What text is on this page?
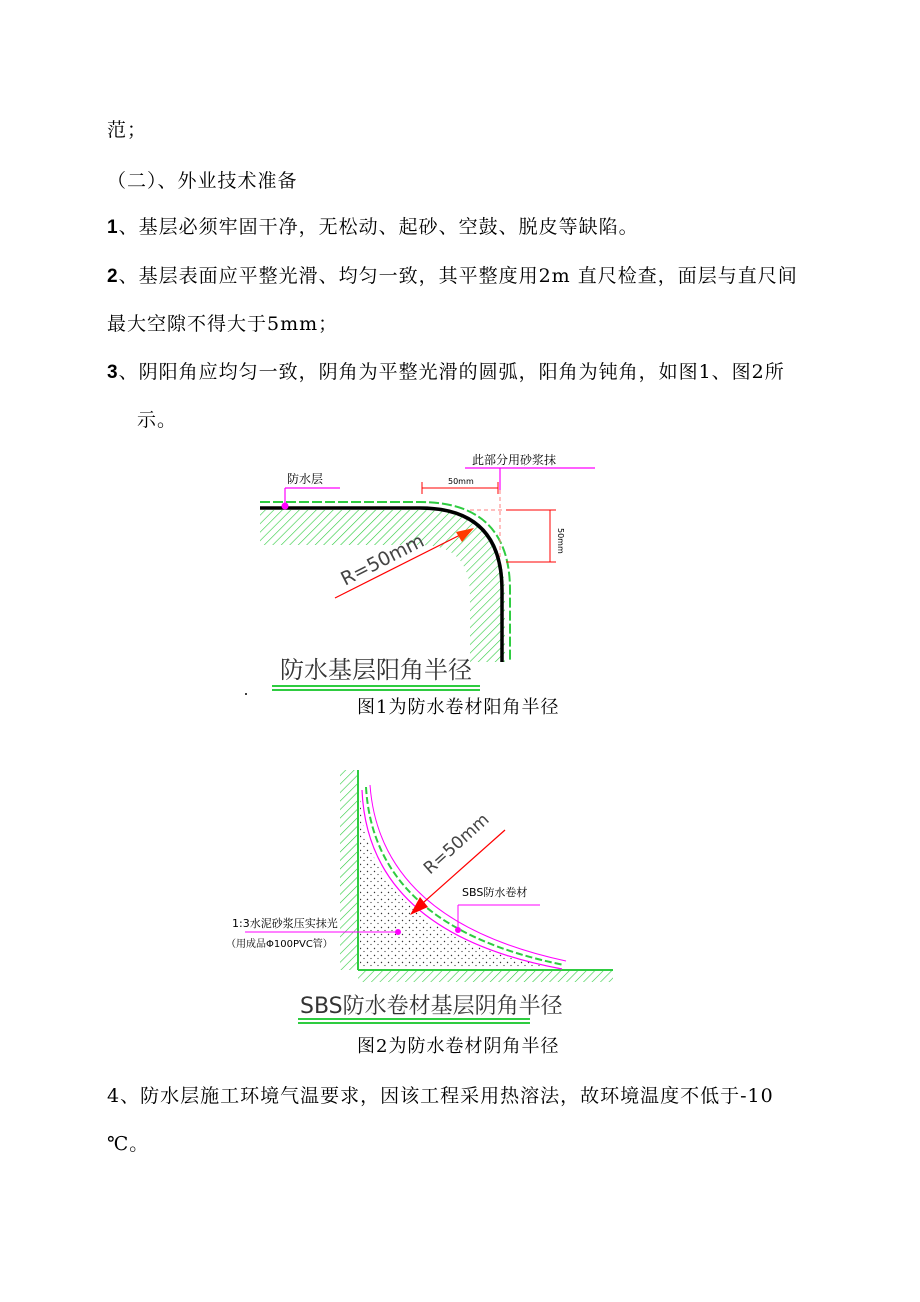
范；
（二）、外业技术准备
1、基层必须牢固干净，无松动、起砂、空鼓、脱皮等缺陷。
2、基层表面应平整光滑、均匀一致，其平整度用2m 直尺检查，面层与直尺间
最大空隙不得大于5mm；
3、阴阳角应均匀一致，阴角为平整光滑的圆弧，阳角为钝角，如图1、图2所
示。
防水层
此部分用砂浆抹
50mm
50mm
R=50mm
防水基层阳角半径
图1为防水卷材阳角半径
R=50mm
SBS防水卷材
1:3水泥砂浆压实抹光
（用成品Φ100PVC管）
SBS防水卷材基层阴角半径
图2为防水卷材阴角半径
4、防水层施工环境气温要求，因该工程采用热溶法，故环境温度不低于-10
℃。
